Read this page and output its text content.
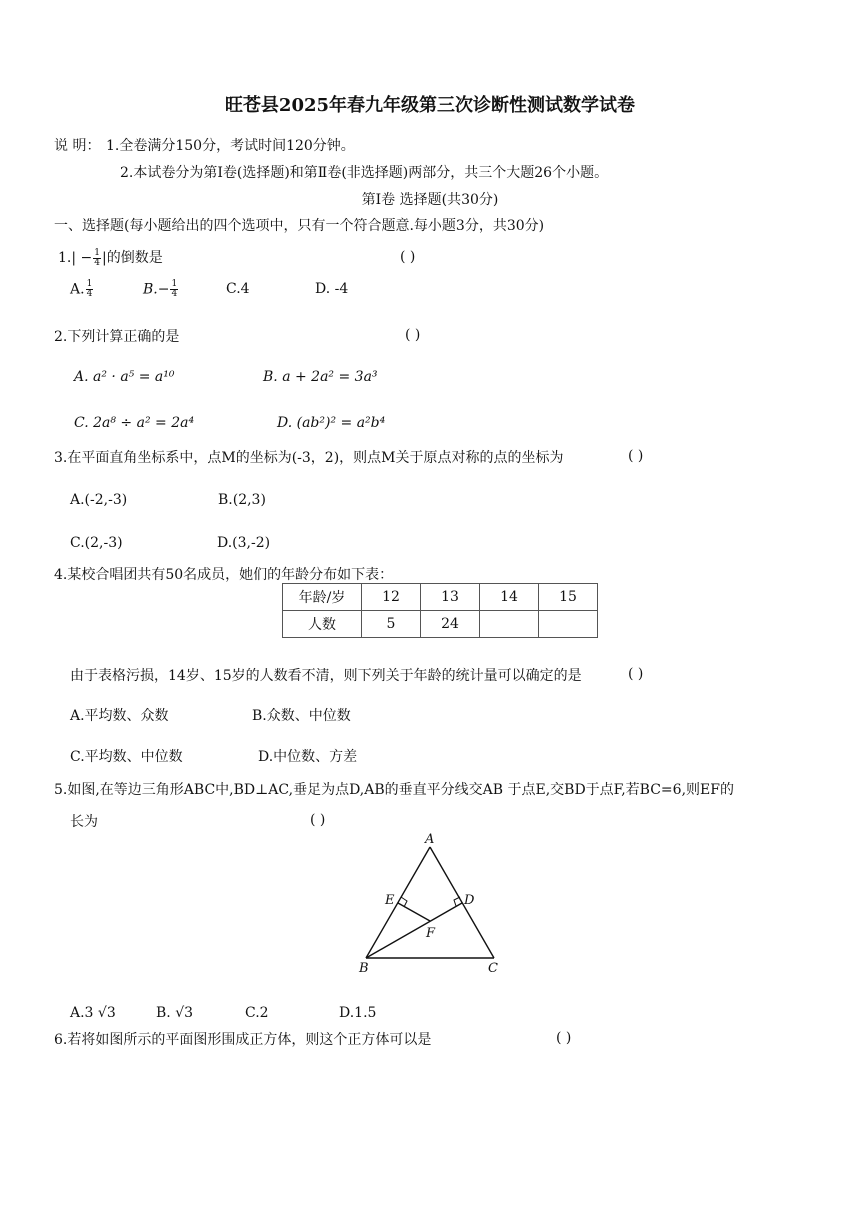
旺苍县2025年春九年级第三次诊断性测试数学试卷
说 明： 1.全卷满分150分，考试时间120分钟。
2.本试卷分为第Ⅰ卷(选择题)和第Ⅱ卷(非选择题)两部分，共三个大题26个小题。
第Ⅰ卷 选择题(共30分)
一、选择题(每小题给出的四个选项中，只有一个符合题意.每小题3分，共30分)
$1.| - \frac{1}{4}$ |的倒数是	( )
A. $\frac{1}{4}$	$B.- \frac{1}{4}$	C.4	D. -4
2.下列计算正确的是	( )
A. a² · a⁵ = a¹⁰	B. a + 2a² = 3a³
C. 2a⁸ ÷ a² = 2a⁴	D. (ab²)² = a²b⁴
3.在平面直角坐标系中，点M的坐标为(-3，2)，则点M关于原点对称的点的坐标为	( )
A.(-2,-3)	B.(2,3)
C.(2,-3)	D.(3,-2)
4.某校合唱团共有50名成员，她们的年龄分布如下表：
年龄/岁	12	13	14	15
人数	5	24		
由于表格污损，14岁、15岁的人数看不清，则下列关于年龄的统计量可以确定的是	( )
A.平均数、众数	B.众数、中位数
C.平均数、中位数	D.中位数、方差
5.如图,在等边三角形ABC中,BD⊥AC,垂足为点D,AB的垂直平分线交AB 于点E,交BD于点F,若BC=6,则EF的
长为	( )
A
B	C
D
E
F
A.3 √3	B. √3	C.2	D.1.5
6.若将如图所示的平面图形围成正方体，则这个正方体可以是	( )
